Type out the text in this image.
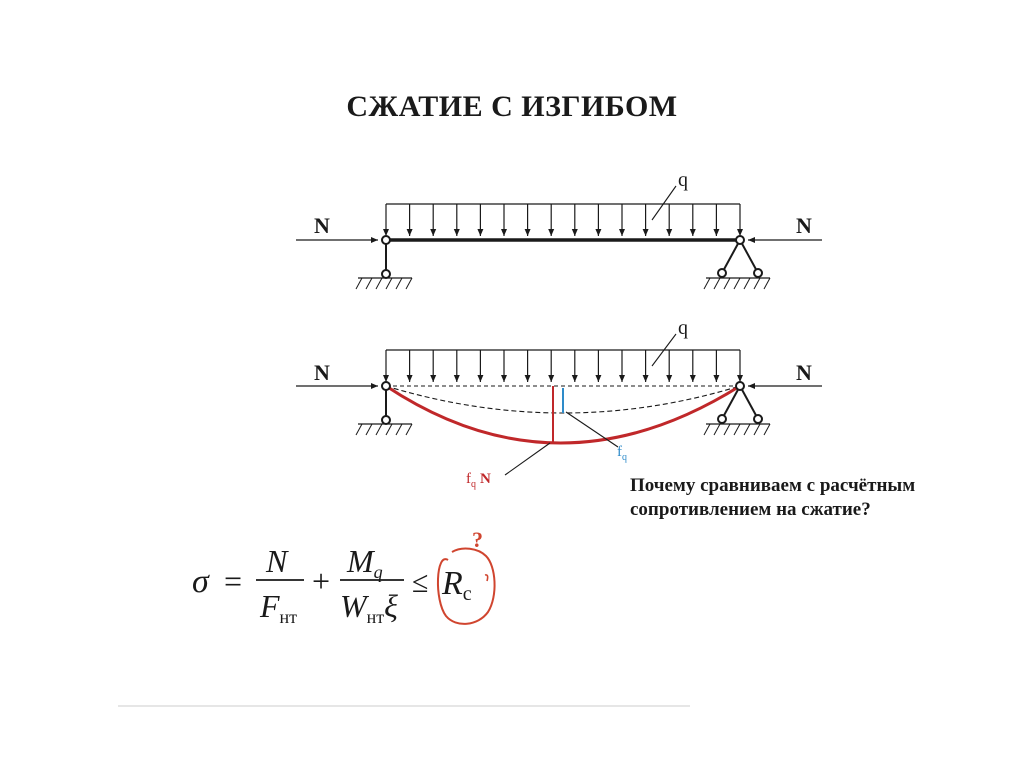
СЖАТИЕ С ИЗГИБОМ
N	N
q
$f_q$ N
$f_q$
N	N
q
σ =
N
Fнт
+
Mq
Wнтξ
≤ Rc
?
Почему сравниваем с расчётным
сопротивлением на сжатие?
